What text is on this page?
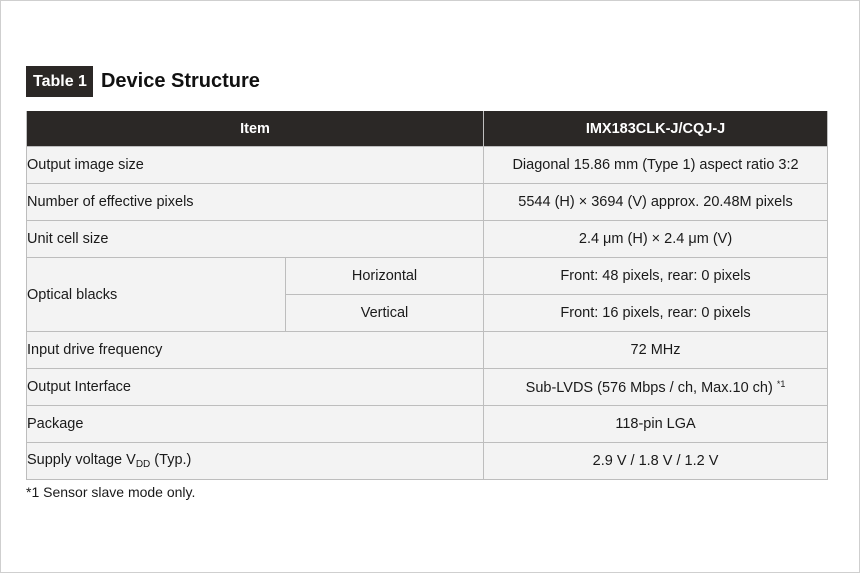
Table 1 Device Structure
Item		IMX183CLK-J/CQJ-J
Output image size		Diagonal 15.86 mm (Type 1) aspect ratio 3:2
Number of effective pixels		5544 (H) × 3694 (V) approx. 20.48M pixels
Unit cell size		2.4 μm (H) × 2.4 μm (V)
Optical blacks	Horizontal	Front: 48 pixels, rear: 0 pixels
	Vertical	Front: 16 pixels, rear: 0 pixels
Input drive frequency		72 MHz
Output Interface		Sub-LVDS (576 Mbps / ch, Max.10 ch) $^{*1}$
Package		118-pin LGA
Supply voltage $V_{DD}$ (Typ.)		2.9 V / 1.8 V / 1.2 V
*1 Sensor slave mode only.
